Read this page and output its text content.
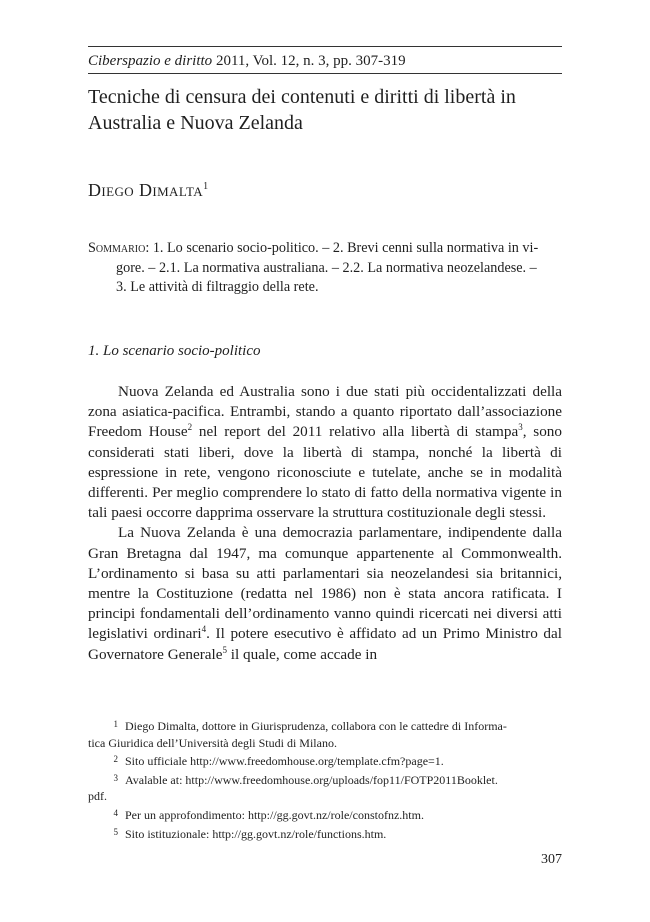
Ciberspazio e diritto 2011, Vol. 12, n. 3, pp. 307-319
Tecniche di censura dei contenuti e diritti di libertà in Australia e Nuova Zelanda
Diego Dimalta$^1$
Sommario: 1. Lo scenario socio-politico. – 2. Brevi cenni sulla normativa in vi-
gore. – 2.1. La normativa australiana. – 2.2. La normativa neozelandese. –
3. Le attività di filtraggio della rete.
1. Lo scenario socio-politico

Nuova Zelanda ed Australia sono i due stati più occidentalizzati della zona asiatica-pacifica. Entrambi, stando a quanto riportato dall’associazione Freedom House$^2$ nel report del 2011 relativo alla libertà di stampa$^3$, sono considerati stati liberi, dove la libertà di stampa, nonché la libertà di espressione in rete, vengono riconosciute e tutelate, anche se in modalità differenti. Per meglio comprendere lo stato di fatto della normativa vigente in tali paesi occorre dapprima osservare la struttura costituzionale degli stessi.

La Nuova Zelanda è una democrazia parlamentare, indipendente dalla Gran Bretagna dal 1947, ma comunque appartenente al Commonwealth. L’ordinamento si basa su atti parlamentari sia neozelandesi sia britannici, mentre la Costituzione (redatta nel 1986) non è stata ancora ratificata. I principi fondamentali dell’ordinamento vanno quindi ricercati nei diversi atti legislativi ordinari$^4$. Il potere esecutivo è affidato ad un Primo Ministro dal Governatore Generale$^5$ il quale, come accade in

1 Diego Dimalta, dottore in Giurisprudenza, collabora con le cattedre di Informa-
tica Giuridica dell’Università degli Studi di Milano.
2 Sito ufficiale http://www.freedomhouse.org/template.cfm?page=1.
3 Avalable at: http://www.freedomhouse.org/uploads/fop11/FOTP2011Booklet.
pdf.
4 Per un approfondimento: http://gg.govt.nz/role/constofnz.htm.
5 Sito istituzionale: http://gg.govt.nz/role/functions.htm.
307
